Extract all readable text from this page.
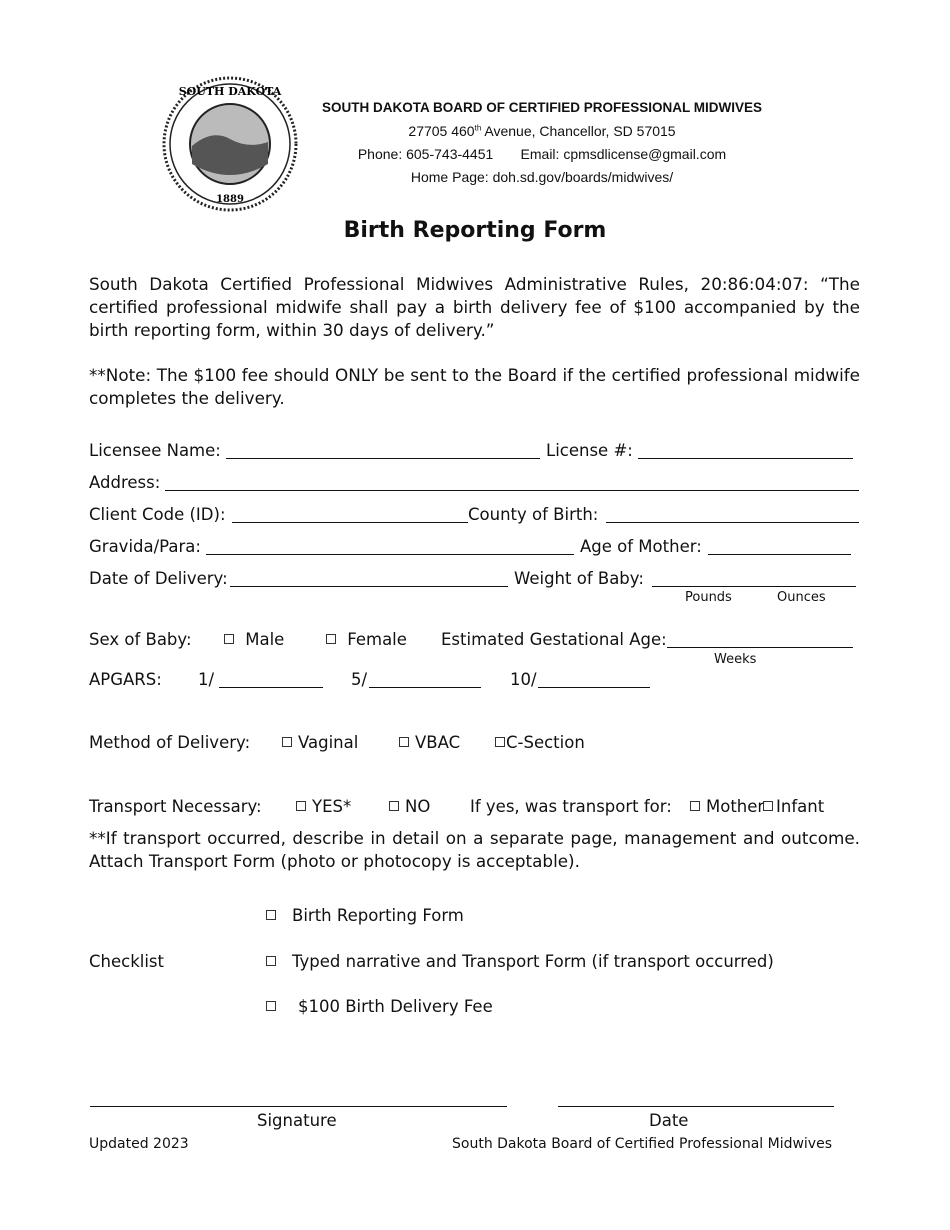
SOUTH DAKOTA
1889
SOUTH DAKOTA BOARD OF CERTIFIED PROFESSIONAL MIDWIVES
27705 460th Avenue, Chancellor, SD 57015
Phone: 605-743-4451 Email: cpmsdlicense@gmail.com
Home Page: doh.sd.gov/boards/midwives/
Birth Reporting Form
South Dakota Certified Professional Midwives Administrative Rules, 20:86:04:07: “The certified professional midwife shall pay a birth delivery fee of $100 accompanied by the birth reporting form, within 30 days of delivery.”
**Note: The $100 fee should ONLY be sent to the Board if the certified professional midwife completes the delivery.
Licensee Name:	License #:
Address:
Client Code (ID):	County of Birth:
Gravida/Para:	Age of Mother:
Date of Delivery:	Weight of Baby:
Pounds	Ounces
Sex of Baby:	Male	Female Estimated Gestational Age:
Weeks
APGARS: 1/	5/	10/
Method of Delivery:	Vaginal	VBAC	C-Section
Transport Necessary:	YES*	NO If yes, was transport for:	Mother Infant
**If transport occurred, describe in detail on a separate page, management and outcome. Attach Transport Form (photo or photocopy is acceptable).
Checklist
Birth Reporting Form
Typed narrative and Transport Form (if transport occurred)
$100 Birth Delivery Fee
Signature	Date
Updated 2023	South Dakota Board of Certified Professional Midwives
